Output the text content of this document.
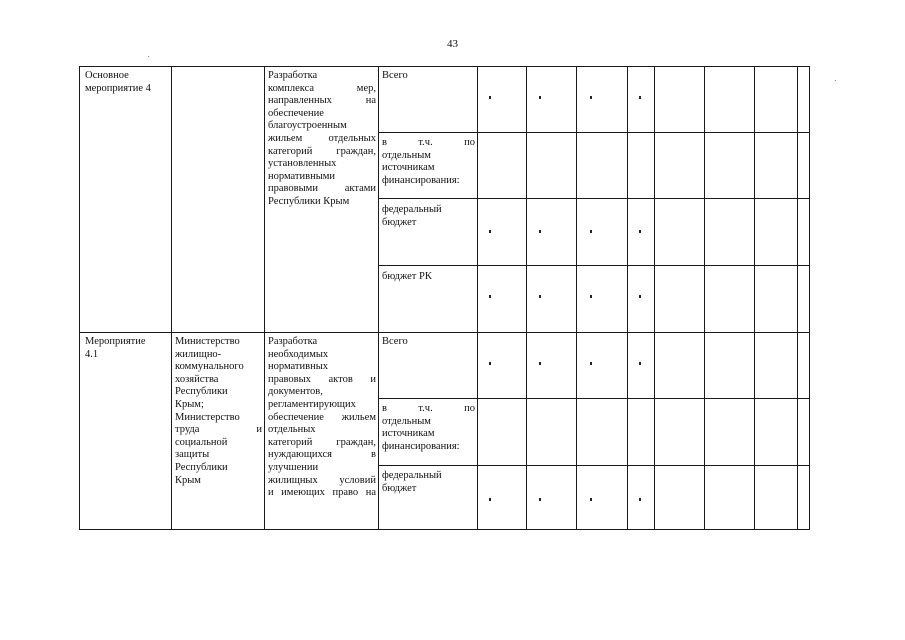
43
Основное
мероприятие 4
Разработка
комплекса мер,
направленных на
обеспечение
благоустроенным
жильем отдельных
категорий граждан,
установленных
нормативными
правовыми актами
Республики Крым
Всего
в т.ч. по
отдельным
источникам
финансирования:
федеральный
бюджет
бюджет РК
Мероприятие
4.1
Министерство
жилищно-
коммунального
хозяйства
Республики
Крым;
Министерство
труда и
социальной
защиты
Республики
Крым
Разработка
необходимых
нормативных
правовых актов и
документов,
регламентирующих
обеспечение жильем
отдельных
категорий граждан,
нуждающихся в
улучшении
жилищных условий
и имеющих право на
Всего
в т.ч. по
отдельным
источникам
финансирования:
федеральный
бюджет
